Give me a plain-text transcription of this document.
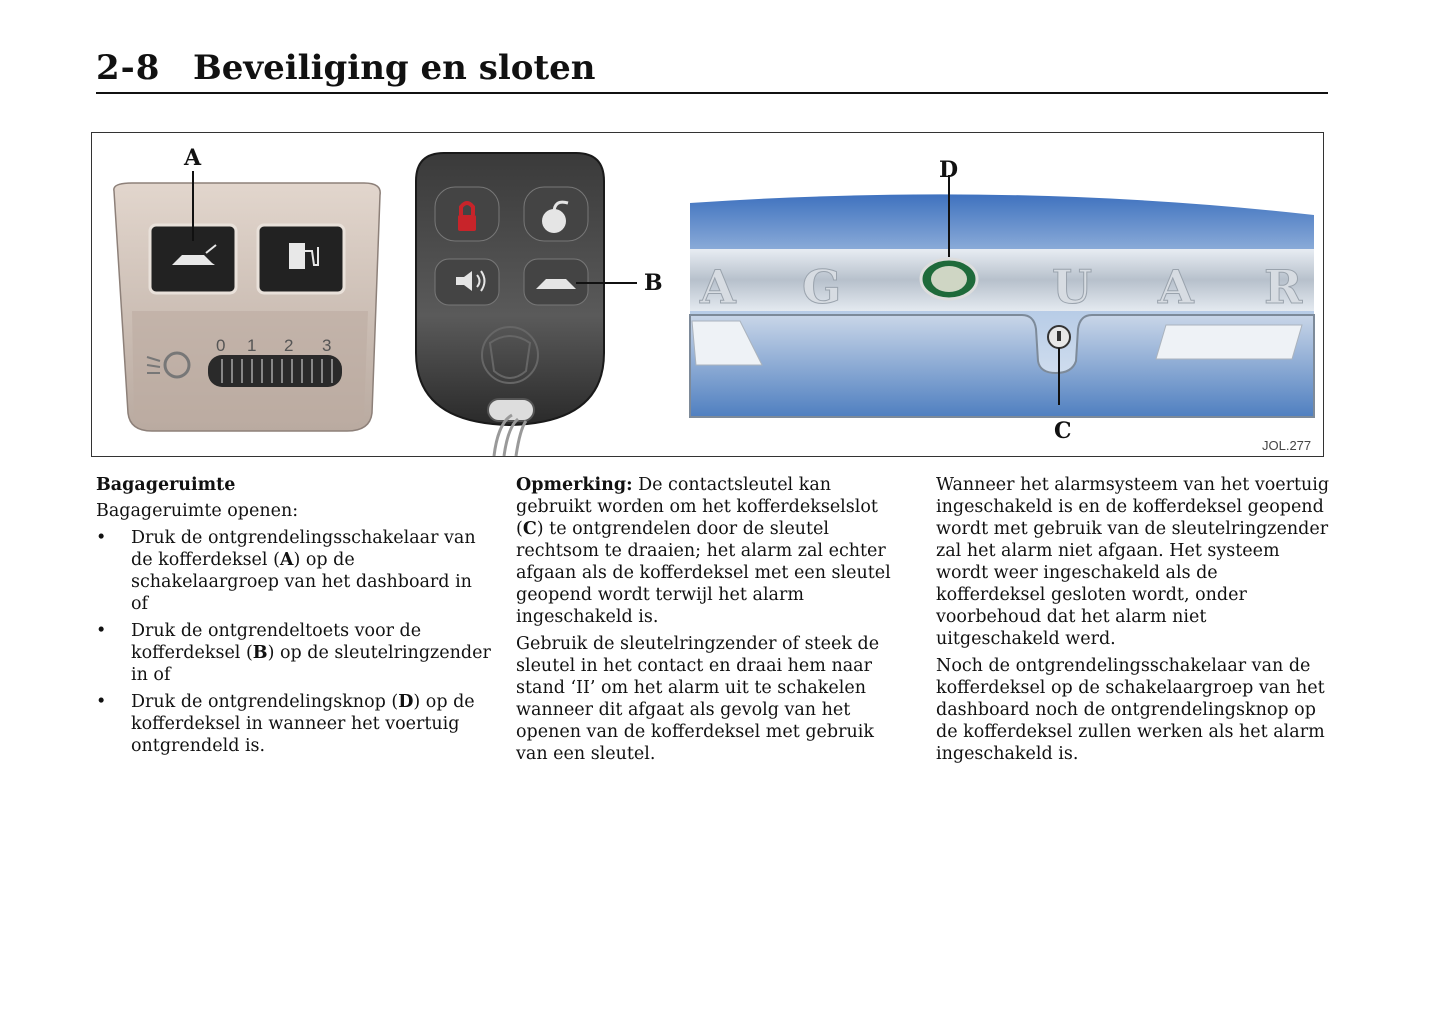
2-8 Beveiliging en sloten
0 1 2 3
A
B A G	U A R
D
C
JOL.277

Bagageruimte

Bagageruimte openen:

• Druk de ontgrendelingsschakelaar van de kofferdeksel (A) op de schakelaargroep van het dashboard in of
• Druk de ontgrendeltoets voor de kofferdeksel (B) op de sleutelringzender in of
• Druk de ontgrendelingsknop (D) op de kofferdeksel in wanneer het voertuig ontgrendeld is.

Opmerking: De contactsleutel kan gebruikt worden om het kofferdekselslot (C) te ontgrendelen door de sleutel rechtsom te draaien; het alarm zal echter afgaan als de kofferdeksel met een sleutel geopend wordt terwijl het alarm ingeschakeld is.

Gebruik de sleutelringzender of steek de sleutel in het contact en draai hem naar stand ‘II’ om het alarm uit te schakelen wanneer dit afgaat als gevolg van het openen van de kofferdeksel met gebruik van een sleutel.

Wanneer het alarmsysteem van het voertuig ingeschakeld is en de kofferdeksel geopend wordt met gebruik van de sleutelringzender zal het alarm niet afgaan. Het systeem wordt weer ingeschakeld als de kofferdeksel gesloten wordt, onder voorbehoud dat het alarm niet uitgeschakeld werd.

Noch de ontgrendelingsschakelaar van de kofferdeksel op de schakelaargroep van het dashboard noch de ontgrendelingsknop op de kofferdeksel zullen werken als het alarm ingeschakeld is.
